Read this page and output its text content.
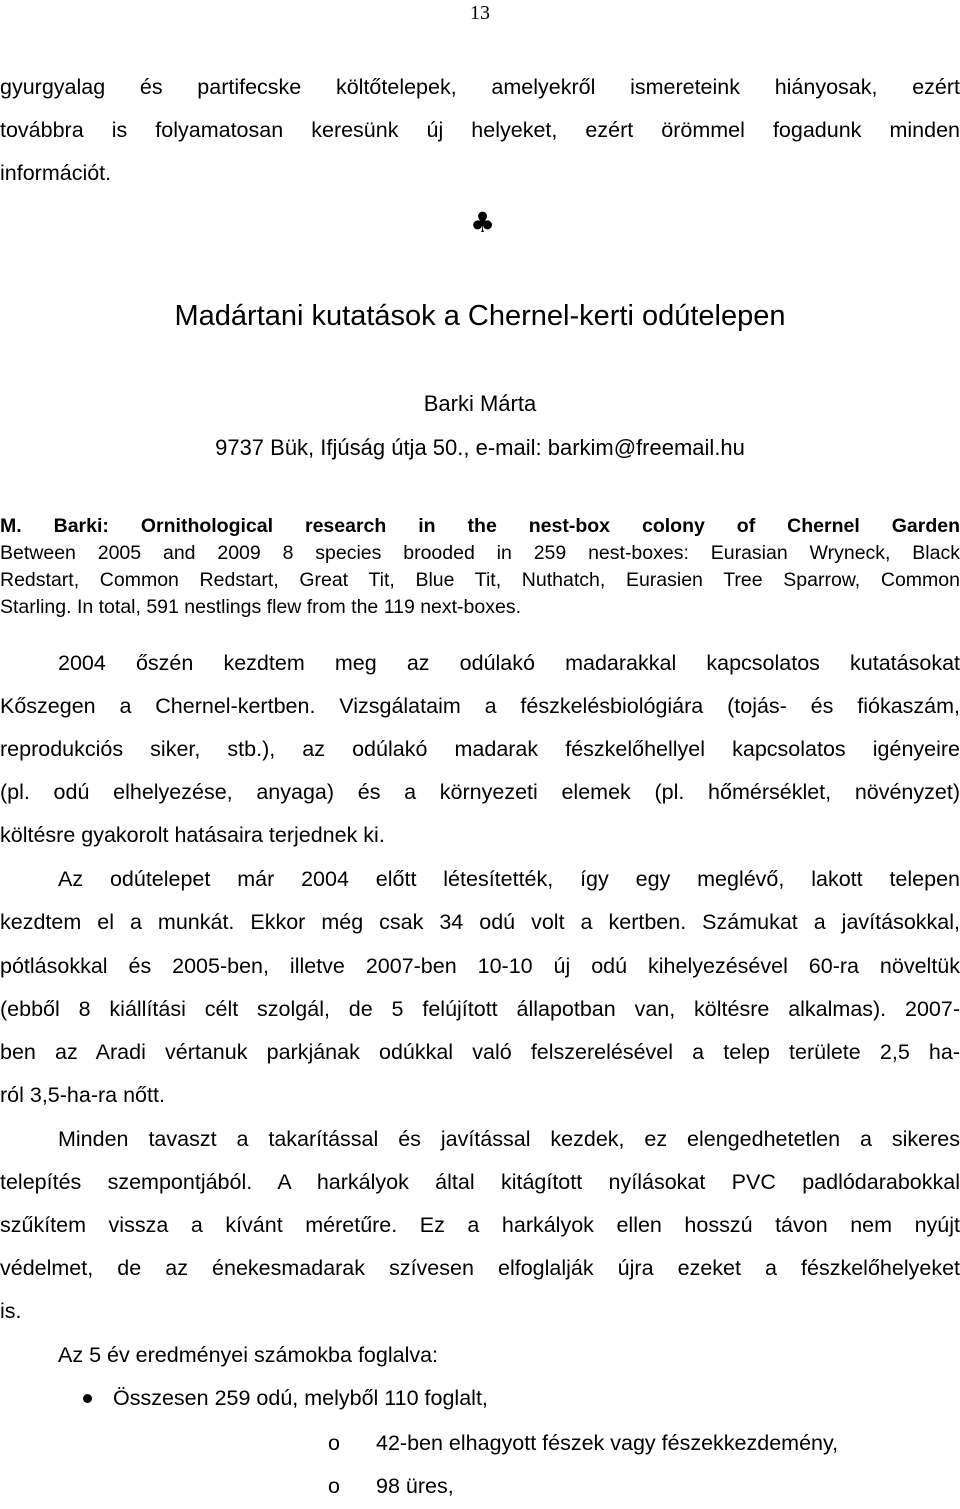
13

gyurgyalag és partifecske költőtelepek, amelyekről ismereteink hiányosak, ezért

továbbra is folyamatosan keresünk új helyeket, ezért örömmel fogadunk minden

információt.

♣
Madártani kutatások a Chernel-kerti odútelepen
Barki Márta
9737 Bük, Ifjúság útja 50., e-mail: barkim@freemail.hu
M. Barki: Ornithological research in the nest-box colony of Chernel Garden
Between 2005 and 2009 8 species brooded in 259 nest-boxes: Eurasian Wryneck, Black
Redstart, Common Redstart, Great Tit, Blue Tit, Nuthatch, Eurasien Tree Sparrow, Common
Starling. In total, 591 nestlings flew from the 119 next-boxes.

2004 őszén kezdtem meg az odúlakó madarakkal kapcsolatos kutatásokat

Kőszegen a Chernel-kertben. Vizsgálataim a fészkelésbiológiára (tojás- és fiókaszám,

reprodukciós siker, stb.), az odúlakó madarak fészkelőhellyel kapcsolatos igényeire

(pl. odú elhelyezése, anyaga) és a környezeti elemek (pl. hőmérséklet, növényzet)

költésre gyakorolt hatásaira terjednek ki.

Az odútelepet már 2004 előtt létesítették, így egy meglévő, lakott telepen

kezdtem el a munkát. Ekkor még csak 34 odú volt a kertben. Számukat a javításokkal,

pótlásokkal és 2005-ben, illetve 2007-ben 10-10 új odú kihelyezésével 60-ra növeltük

(ebből 8 kiállítási célt szolgál, de 5 felújított állapotban van, költésre alkalmas). 2007-

ben az Aradi vértanuk parkjának odúkkal való felszerelésével a telep területe 2,5 ha-

ról 3,5-ha-ra nőtt.

Minden tavaszt a takarítással és javítással kezdek, ez elengedhetetlen a sikeres

telepítés szempontjából. A harkályok által kitágított nyílásokat PVC padlódarabokkal

szűkítem vissza a kívánt méretűre. Ez a harkályok ellen hosszú távon nem nyújt

védelmet, de az énekesmadarak szívesen elfoglalják újra ezeket a fészkelőhelyeket

is.

Az 5 év eredményei számokba foglalva:

Összesen 259 odú, melyből 110 foglalt,
o 42-ben elhagyott fészek vagy fészekkezdemény,
o 98 üres,
